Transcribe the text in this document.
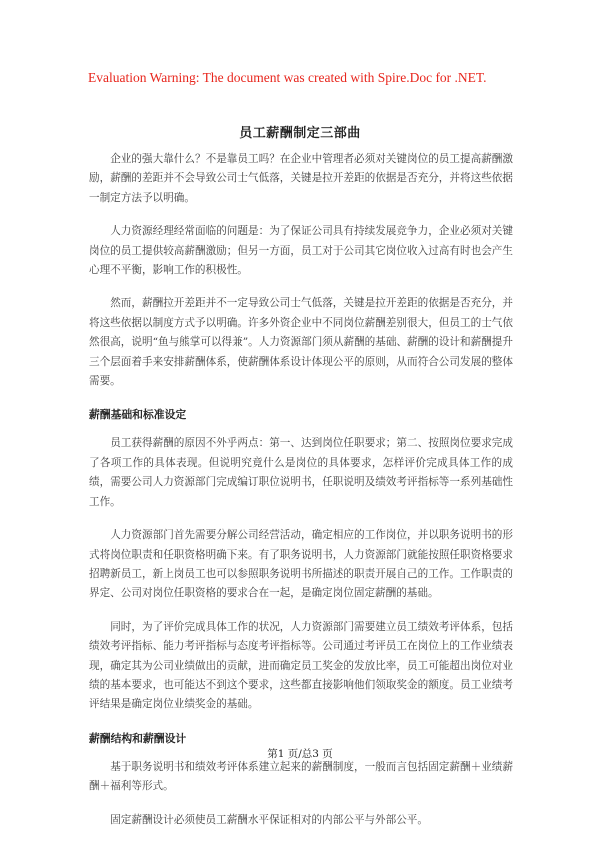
Evaluation Warning: The document was created with Spire.Doc for .NET.
员工薪酬制定三部曲

企业的强大靠什么？不是靠员工吗？在企业中管理者必须对关键岗位的员工提高薪酬激励，薪酬的差距并不会导致公司士气低落，关键是拉开差距的依据是否充分，并将这些依据一制定方法予以明确。

人力资源经理经常面临的问题是：为了保证公司具有持续发展竞争力，企业必须对关键岗位的员工提供较高薪酬激励；但另一方面，员工对于公司其它岗位收入过高有时也会产生心理不平衡，影响工作的积极性。

然而，薪酬拉开差距并不一定导致公司士气低落，关键是拉开差距的依据是否充分，并将这些依据以制度方式予以明确。许多外资企业中不同岗位薪酬差别很大，但员工的士气依然很高，说明“鱼与熊掌可以得兼”。人力资源部门须从薪酬的基础、薪酬的设计和薪酬提升三个层面着手来安排薪酬体系，使薪酬体系设计体现公平的原则，从而符合公司发展的整体需要。

薪酬基础和标准设定

员工获得薪酬的原因不外乎两点：第一、达到岗位任职要求；第二、按照岗位要求完成了各项工作的具体表现。但说明究竟什么是岗位的具体要求，怎样评价完成具体工作的成绩，需要公司人力资源部门完成编订职位说明书，任职说明及绩效考评指标等一系列基础性工作。

人力资源部门首先需要分解公司经营活动，确定相应的工作岗位，并以职务说明书的形式将岗位职责和任职资格明确下来。有了职务说明书，人力资源部门就能按照任职资格要求招聘新员工，新上岗员工也可以参照职务说明书所描述的职责开展自己的工作。工作职责的界定、公司对岗位任职资格的要求合在一起，是确定岗位固定薪酬的基础。

同时，为了评价完成具体工作的状况，人力资源部门需要建立员工绩效考评体系，包括绩效考评指标、能力考评指标与态度考评指标等。公司通过考评员工在岗位上的工作业绩表现，确定其为公司业绩做出的贡献，进而确定员工奖金的发放比率，员工可能超出岗位对业绩的基本要求，也可能达不到这个要求，这些都直接影响他们领取奖金的额度。员工业绩考评结果是确定岗位业绩奖金的基础。

薪酬结构和薪酬设计

基于职务说明书和绩效考评体系建立起来的薪酬制度，一般而言包括固定薪酬＋业绩薪酬＋福利等形式。

固定薪酬设计必须使员工薪酬水平保证相对的内部公平与外部公平。

第1 页/总3 页
